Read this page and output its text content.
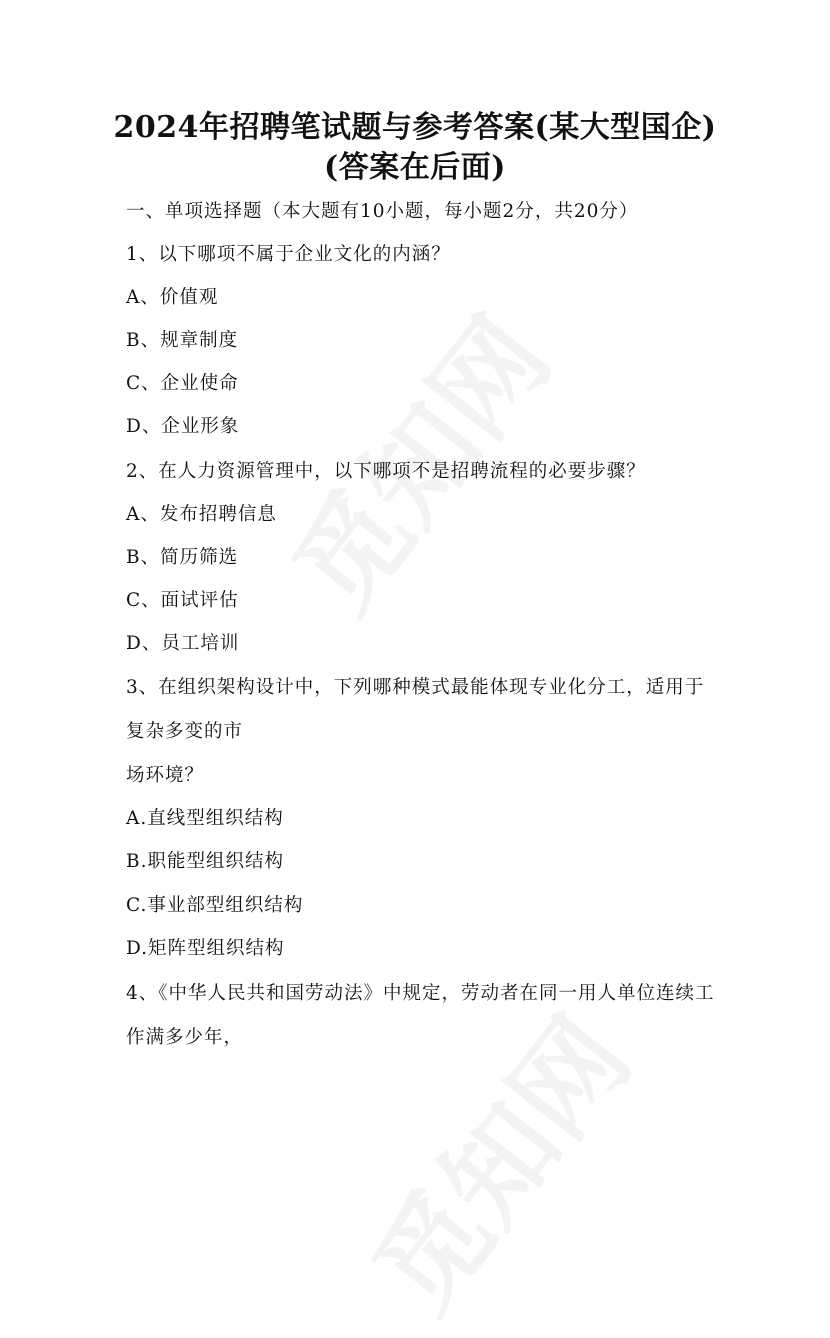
2024年招聘笔试题与参考答案(某大型国企)
(答案在后面)
一、单项选择题（本大题有10小题，每小题2分，共20分）
1、以下哪项不属于企业文化的内涵？
A、价值观
B、规章制度
C、企业使命
D、企业形象
2、在人力资源管理中，以下哪项不是招聘流程的必要步骤？
A、发布招聘信息
B、简历筛选
C、面试评估
D、员工培训
3、在组织架构设计中，下列哪种模式最能体现专业化分工，适用于
复杂多变的市
场环境？
A.直线型组织结构
B.职能型组织结构
C.事业部型组织结构
D.矩阵型组织结构
4、《中华人民共和国劳动法》中规定，劳动者在同一用人单位连续工
作满多少年，
